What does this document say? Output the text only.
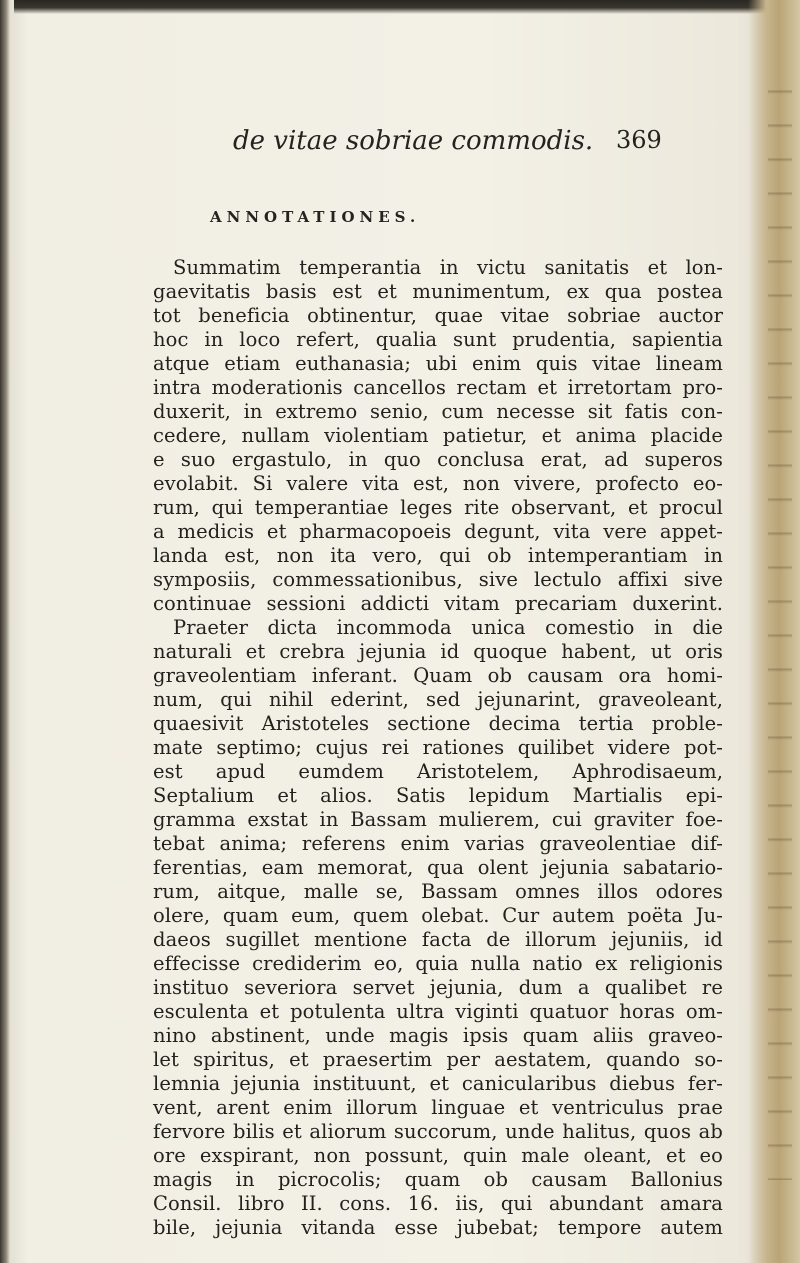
de vitae sobriae commodis. 369
ANNOTATIONES.
Summatim temperantia in victu sanitatis et lon-
gaevitatis basis est et munimentum, ex qua postea
tot beneficia obtinentur, quae vitae sobriae auctor
hoc in loco refert, qualia sunt prudentia, sapientia
atque etiam euthanasia; ubi enim quis vitae lineam
intra moderationis cancellos rectam et irretortam pro-
duxerit, in extremo senio, cum necesse sit fatis con-
cedere, nullam violentiam patietur, et anima placide
e suo ergastulo, in quo conclusa erat, ad superos
evolabit. Si valere vita est, non vivere, profecto eo-
rum, qui temperantiae leges rite observant, et procul
a medicis et pharmacopoeis degunt, vita vere appet-
landa est, non ita vero, qui ob intemperantiam in
symposiis, commessationibus, sive lectulo affixi sive
continuae sessioni addicti vitam precariam duxerint.
Praeter dicta incommoda unica comestio in die
naturali et crebra jejunia id quoque habent, ut oris
graveolentiam inferant. Quam ob causam ora homi-
num, qui nihil ederint, sed jejunarint, graveoleant,
quaesivit Aristoteles sectione decima tertia proble-
mate septimo; cujus rei rationes quilibet videre pot-
est apud eumdem Aristotelem, Aphrodisaeum,
Septalium et alios. Satis lepidum Martialis epi-
gramma exstat in Bassam mulierem, cui graviter foe-
tebat anima; referens enim varias graveolentiae dif-
ferentias, eam memorat, qua olent jejunia sabatario-
rum, aitque, malle se, Bassam omnes illos odores
olere, quam eum, quem olebat. Cur autem poëta Ju-
daeos sugillet mentione facta de illorum jejuniis, id
effecisse crediderim eo, quia nulla natio ex religionis
instituo severiora servet jejunia, dum a qualibet re
esculenta et potulenta ultra viginti quatuor horas om-
nino abstinent, unde magis ipsis quam aliis graveo-
let spiritus, et praesertim per aestatem, quando so-
lemnia jejunia instituunt, et canicularibus diebus fer-
vent, arent enim illorum linguae et ventriculus prae
fervore bilis et aliorum succorum, unde halitus, quos ab
ore exspirant, non possunt, quin male oleant, et eo
magis in picrocolis; quam ob causam Ballonius
Consil. libro II. cons. 16. iis, qui abundant amara
bile, jejunia vitanda esse jubebat; tempore autem
